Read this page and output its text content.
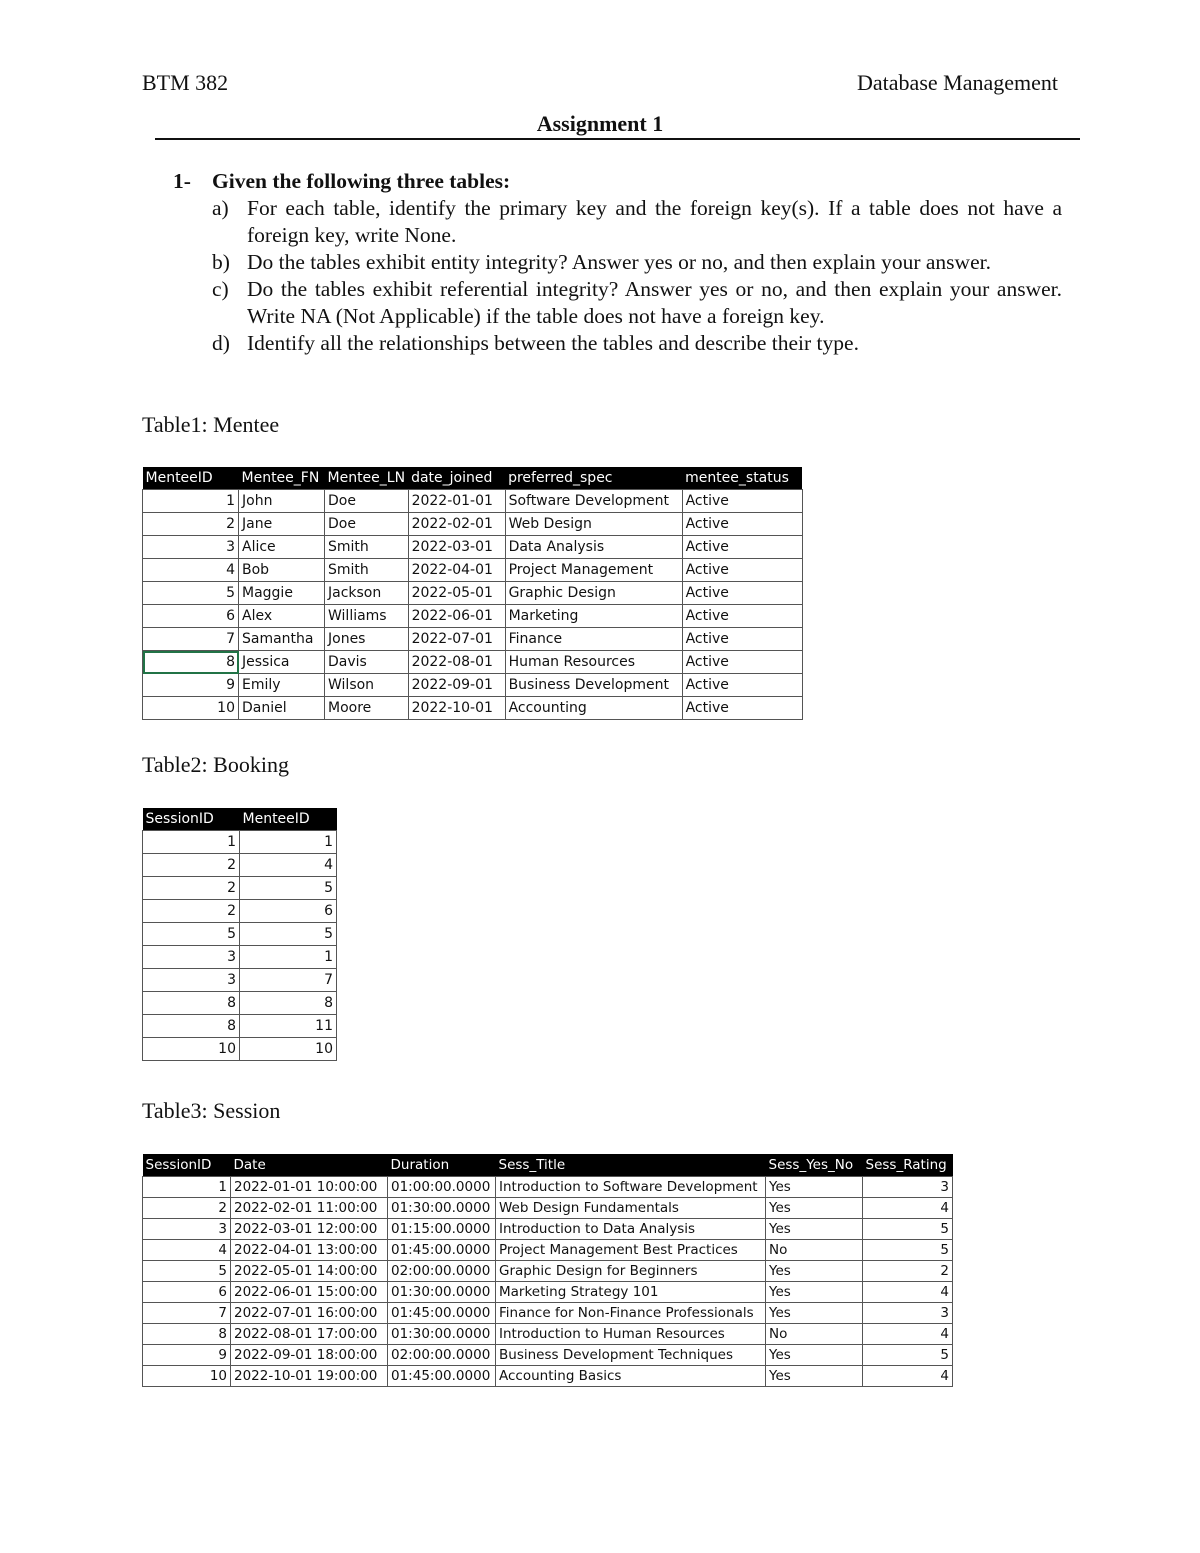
BTM 382	Database Management
Assignment 1
1- Given the following three tables:
a) For each table, identify the primary key and the foreign key(s). If a table does not have a foreign key, write None.
b) Do the tables exhibit entity integrity? Answer yes or no, and then explain your answer.
c) Do the tables exhibit referential integrity? Answer yes or no, and then explain your answer. Write NA (Not Applicable) if the table does not have a foreign key.
d) Identify all the relationships between the tables and describe their type.
Table1: Mentee
MenteeID	Mentee_FN	Mentee_LN	date_joined	preferred_spec	mentee_status
1	John	Doe	2022-01-01	Software Development	Active
2	Jane	Doe	2022-02-01	Web Design	Active
3	Alice	Smith	2022-03-01	Data Analysis	Active
4	Bob	Smith	2022-04-01	Project Management	Active
5	Maggie	Jackson	2022-05-01	Graphic Design	Active
6	Alex	Williams	2022-06-01	Marketing	Active
7	Samantha	Jones	2022-07-01	Finance	Active
8	Jessica	Davis	2022-08-01	Human Resources	Active
9	Emily	Wilson	2022-09-01	Business Development	Active
10	Daniel	Moore	2022-10-01	Accounting	Active
Table2: Booking
SessionID	MenteeID
1	1
2	4
2	5
2	6
5	5
3	1
3	7
8	8
8	11
10	10
Table3: Session
SessionID	Date	Duration	Sess_Title	Sess_Yes_No	Sess_Rating
1	2022-01-01 10:00:00	01:00:00.0000	Introduction to Software Development	Yes	3
2	2022-02-01 11:00:00	01:30:00.0000	Web Design Fundamentals	Yes	4
3	2022-03-01 12:00:00	01:15:00.0000	Introduction to Data Analysis	Yes	5
4	2022-04-01 13:00:00	01:45:00.0000	Project Management Best Practices	No	5
5	2022-05-01 14:00:00	02:00:00.0000	Graphic Design for Beginners	Yes	2
6	2022-06-01 15:00:00	01:30:00.0000	Marketing Strategy 101	Yes	4
7	2022-07-01 16:00:00	01:45:00.0000	Finance for Non-Finance Professionals	Yes	3
8	2022-08-01 17:00:00	01:30:00.0000	Introduction to Human Resources	No	4
9	2022-09-01 18:00:00	02:00:00.0000	Business Development Techniques	Yes	5
10	2022-10-01 19:00:00	01:45:00.0000	Accounting Basics	Yes	4
